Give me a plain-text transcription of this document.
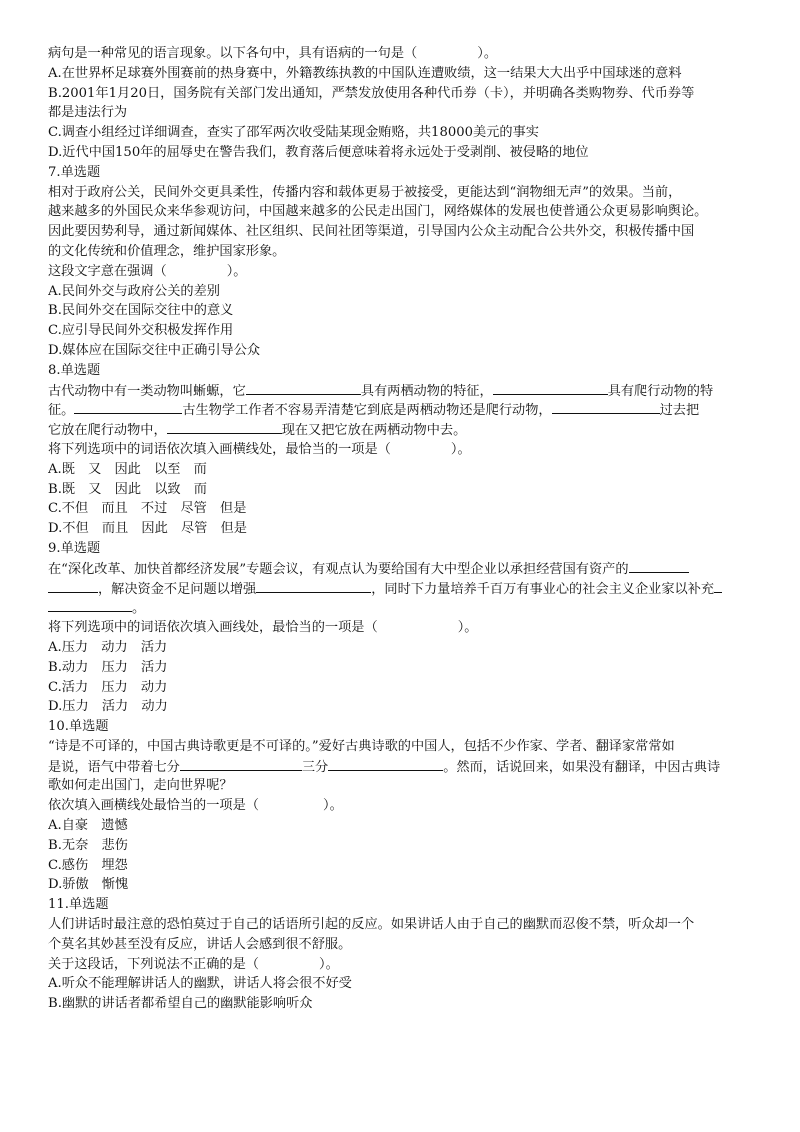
病句是一种常见的语言现象。以下各句中，具有语病的一句是（	）。
A.在世界杯足球赛外围赛前的热身赛中，外籍教练执教的中国队连遭败绩，这一结果大大出乎中国球迷的意料
B.2001年1月20日，国务院有关部门发出通知，严禁发放使用各种代币券（卡），并明确各类购物券、代币券等
都是违法行为
C.调查小组经过详细调查，查实了邵军两次收受陆某现金贿赂，共18000美元的事实
D.近代中国150年的屈辱史在警告我们，教育落后便意味着将永远处于受剥削、被侵略的地位
7.单选题
相对于政府公关，民间外交更具柔性，传播内容和载体更易于被接受，更能达到“润物细无声”的效果。当前，
越来越多的外国民众来华参观访问，中国越来越多的公民走出国门，网络媒体的发展也使普通公众更易影响舆论。
因此要因势利导，通过新闻媒体、社区组织、民间社团等渠道，引导国内公众主动配合公共外交，积极传播中国
的文化传统和价值理念，维护国家形象。
这段文字意在强调（	）。
A.民间外交与政府公关的差别
B.民间外交在国际交往中的意义
C.应引导民间外交积极发挥作用
D.媒体应在国际交往中正确引导公众
8.单选题
古代动物中有一类动物叫蜥螈，它	具有两栖动物的特征，	具有爬行动物的特
征。	古生物学工作者不容易弄清楚它到底是两栖动物还是爬行动物，	过去把
它放在爬行动物中，	现在又把它放在两栖动物中去。
将下列选项中的词语依次填入画横线处，最恰当的一项是（	）。
A.既　又　因此　以至　而
B.既　又　因此　以致　而
C.不但　而且　不过　尽管　但是
D.不但　而且　因此　尽管　但是
9.单选题
在“深化改革、加快首都经济发展”专题会议，有观点认为要给国有大中型企业以承担经营国有资产的
，解决资金不足问题以增强	，同时下力量培养千百万有事业心的社会主义企业家以补充
。
将下列选项中的词语依次填入画线处，最恰当的一项是（	）。
A.压力　动力　活力
B.动力　压力　活力
C.活力　压力　动力
D.压力　活力　动力
10.单选题
“诗是不可译的，中国古典诗歌更是不可译的。”爱好古典诗歌的中国人，包括不少作家、学者、翻译家常常如
是说，语气中带着七分	三分	。然而，话说回来，如果没有翻译，中因古典诗
歌如何走出国门，走向世界呢？
依次填入画横线处最恰当的一项是（	）。
A.自豪　遗憾
B.无奈　悲伤
C.感伤　埋怨
D.骄傲　惭愧
11.单选题
人们讲话时最注意的恐怕莫过于自己的话语所引起的反应。如果讲话人由于自己的幽默而忍俊不禁，听众却一个
个莫名其妙甚至没有反应，讲话人会感到很不舒服。
关于这段话，下列说法不正确的是（	）。
A.听众不能理解讲话人的幽默，讲话人将会很不好受
B.幽默的讲话者都希望自己的幽默能影响听众
